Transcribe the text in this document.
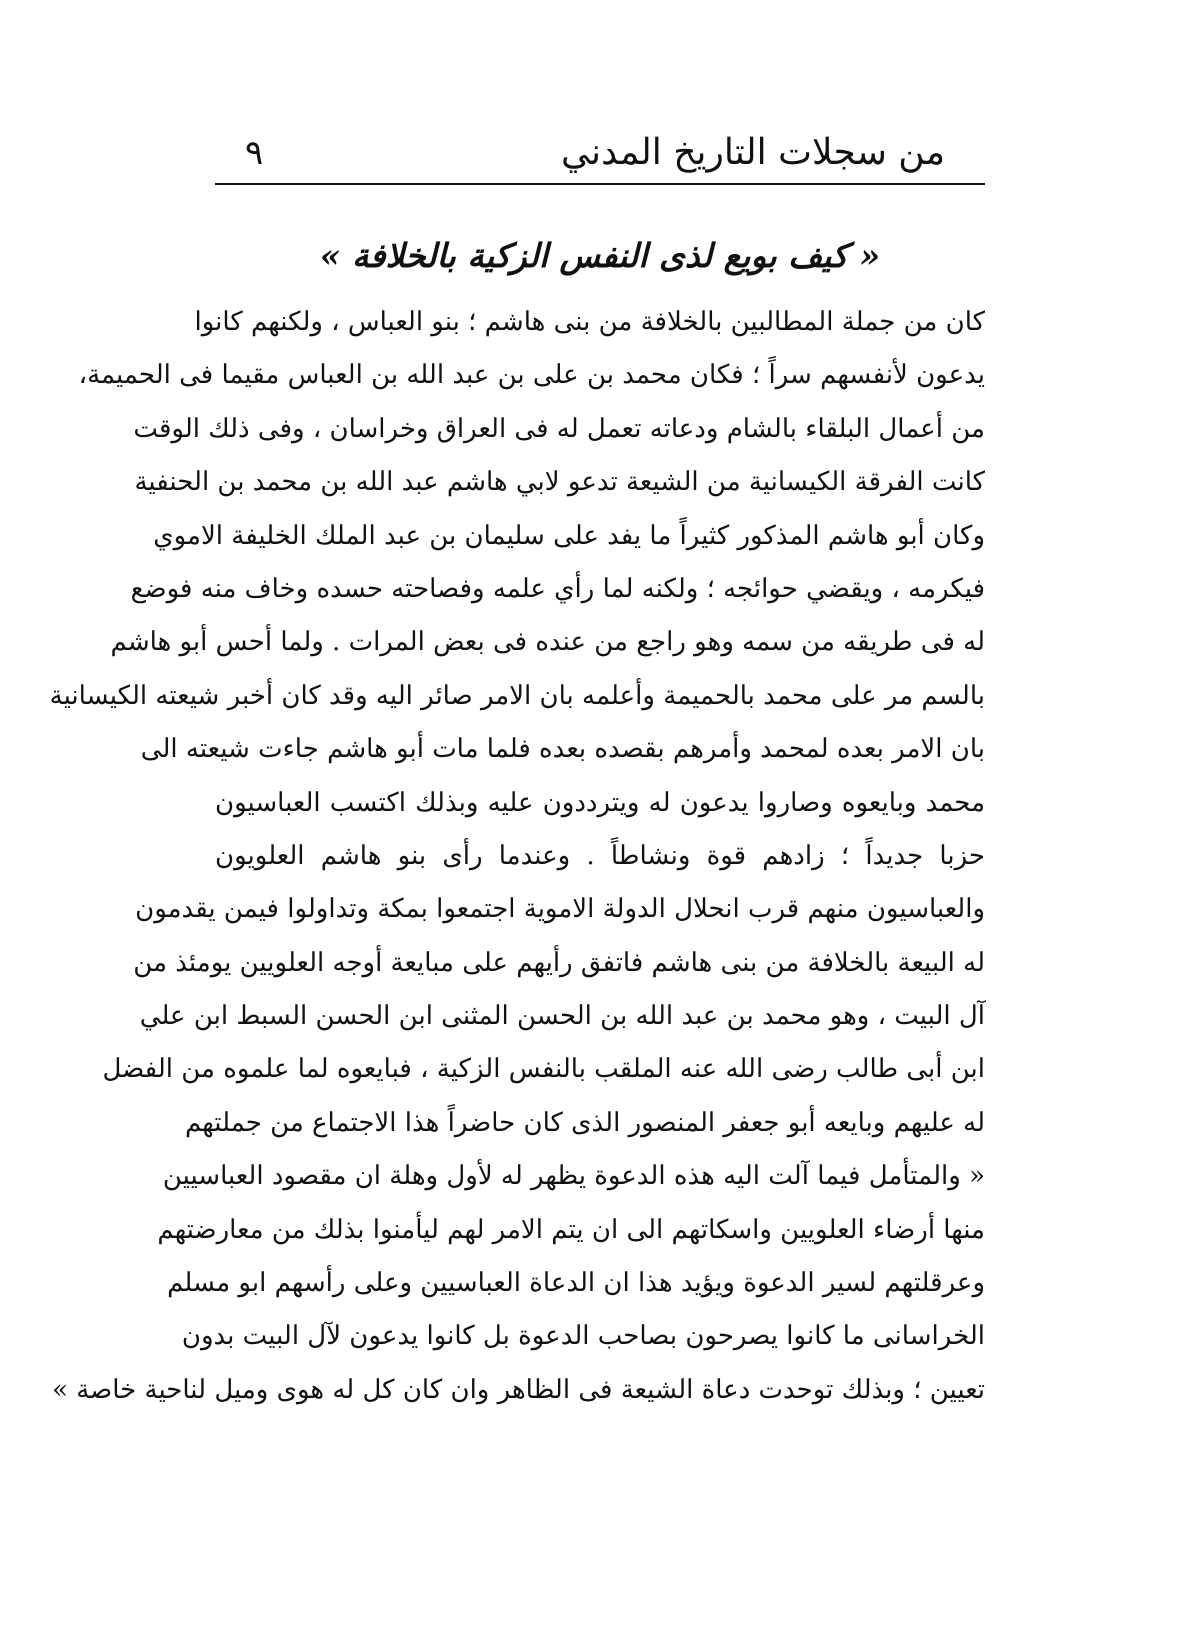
من سجلات التاريخ المدني
٩
« كيف بويع لذى النفس الزكية بالخلافة »
كان من جملة المطالبين بالخلافة من بنى هاشم ؛ بنو العباس ، ولكنهم كانوا
يدعون لأنفسهم سراً ؛ فكان محمد بن على بن عبد الله بن العباس مقيما فى الحميمة،
من أعمال البلقاء بالشام ودعاته تعمل له فى العراق وخراسان ، وفى ذلك الوقت
كانت الفرقة الكيسانية من الشيعة تدعو لابي هاشم عبد الله بن محمد بن الحنفية
وكان أبو هاشم المذكور كثيراً ما يفد على سليمان بن عبد الملك الخليفة الاموي
فيكرمه ، ويقضي حوائجه ؛ ولكنه لما رأي علمه وفصاحته حسده وخاف منه فوضع
له فى طريقه من سمه وهو راجع من عنده فى بعض المرات . ولما أحس أبو هاشم
بالسم مر على محمد بالحميمة وأعلمه بان الامر صائر اليه وقد كان أخبر شيعته الكيسانية
بان الامر بعده لمحمد وأمرهم بقصده بعده فلما مات أبو هاشم جاءت شيعته الى
محمد وبايعوه وصاروا يدعون له ويترددون عليه وبذلك اكتسب العباسيون
حزبا جديداً ؛ زادهم قوة ونشاطاً . وعندما رأى بنو هاشم العلويون
والعباسيون منهم قرب انحلال الدولة الاموية اجتمعوا بمكة وتداولوا فيمن يقدمون
له البيعة بالخلافة من بنى هاشم فاتفق رأيهم على مبايعة أوجه العلويين يومئذ من
آل البيت ، وهو محمد بن عبد الله بن الحسن المثنى ابن الحسن السبط ابن علي
ابن أبى طالب رضى الله عنه الملقب بالنفس الزكية ، فبايعوه لما علموه من الفضل
له عليهم وبايعه أبو جعفر المنصور الذى كان حاضراً هذا الاجتماع من جملتهم
« والمتأمل فيما آلت اليه هذه الدعوة يظهر له لأول وهلة ان مقصود العباسيين
منها أرضاء العلويين واسكاتهم الى ان يتم الامر لهم ليأمنوا بذلك من معارضتهم
وعرقلتهم لسير الدعوة ويؤيد هذا ان الدعاة العباسيين وعلى رأسهم ابو مسلم
الخراسانى ما كانوا يصرحون بصاحب الدعوة بل كانوا يدعون لآل البيت بدون
تعيين ؛ وبذلك توحدت دعاة الشيعة فى الظاهر وان كان كل له هوى وميل لناحية خاصة »
